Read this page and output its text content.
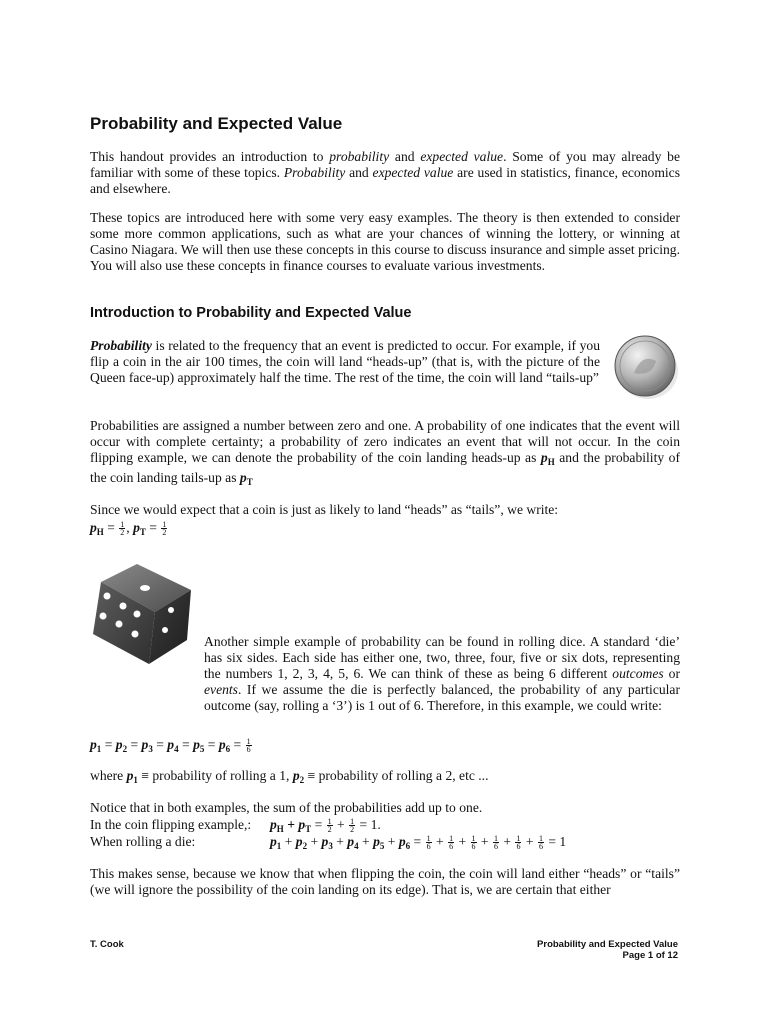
Probability and Expected Value

This handout provides an introduction to probability and expected value. Some of you may already be familiar with some of these topics. Probability and expected value are used in statistics, finance, economics and elsewhere.

These topics are introduced here with some very easy examples. The theory is then extended to consider some more common applications, such as what are your chances of winning the lottery, or winning at Casino Niagara. We will then use these concepts in this course to discuss insurance and simple asset pricing. You will also use these concepts in finance courses to evaluate various investments.

Introduction to Probability and Expected Value

Probability is related to the frequency that an event is predicted to occur. For example, if you flip a coin in the air 100 times, the coin will land “heads-up” (that is, with the picture of the Queen face-up) approximately half the time. The rest of the time, the coin will land “tails-up”

Probabilities are assigned a number between zero and one. A probability of one indicates that the event will occur with complete certainty; a probability of zero indicates an event that will not occur. In the coin flipping example, we can denote the probability of the coin landing heads-up as $p_H$ and the probability of the coin landing tails-up as $p_T$

Since we would expect that a coin is just as likely to land “heads” as “tails”, we write:

$p_H = \frac{1}{2}$ , $p_T = \frac{1}{2}$

Another simple example of probability can be found in rolling dice. A standard ‘die’ has six sides. Each side has either one, two, three, four, five or six dots, representing the numbers 1, 2, 3, 4, 5, 6. We can think of these as being 6 different outcomes or events. If we assume the die is perfectly balanced, the probability of any particular outcome (say, rolling a ‘3’) is 1 out of 6. Therefore, in this example, we could write:

$p_1 = p_2 = p_3 = p_4 = p_5 = p_6 = \frac{1}{6}$
where $p_1$ ≡ probability of rolling a 1, $p_2$ ≡ probability of rolling a 2, etc ...
Notice that in both examples, the sum of the probabilities add up to one.
In the coin flipping example,: $p_H + p_T = \frac{1}{2} + \frac{1}{2} = 1$.
When rolling a die:	$p_1 + p_2 + p_3 + p_4 + p_5 + p_6 = \frac{1}{6} + \frac{1}{6} + \frac{1}{6} + \frac{1}{6} + \frac{1}{6} + \frac{1}{6} = 1$

This makes sense, because we know that when flipping the coin, the coin will land either “heads” or “tails” (we will ignore the possibility of the coin landing on its edge). That is, we are certain that either

T. Cook	Probability and Expected Value
Page 1 of 12
